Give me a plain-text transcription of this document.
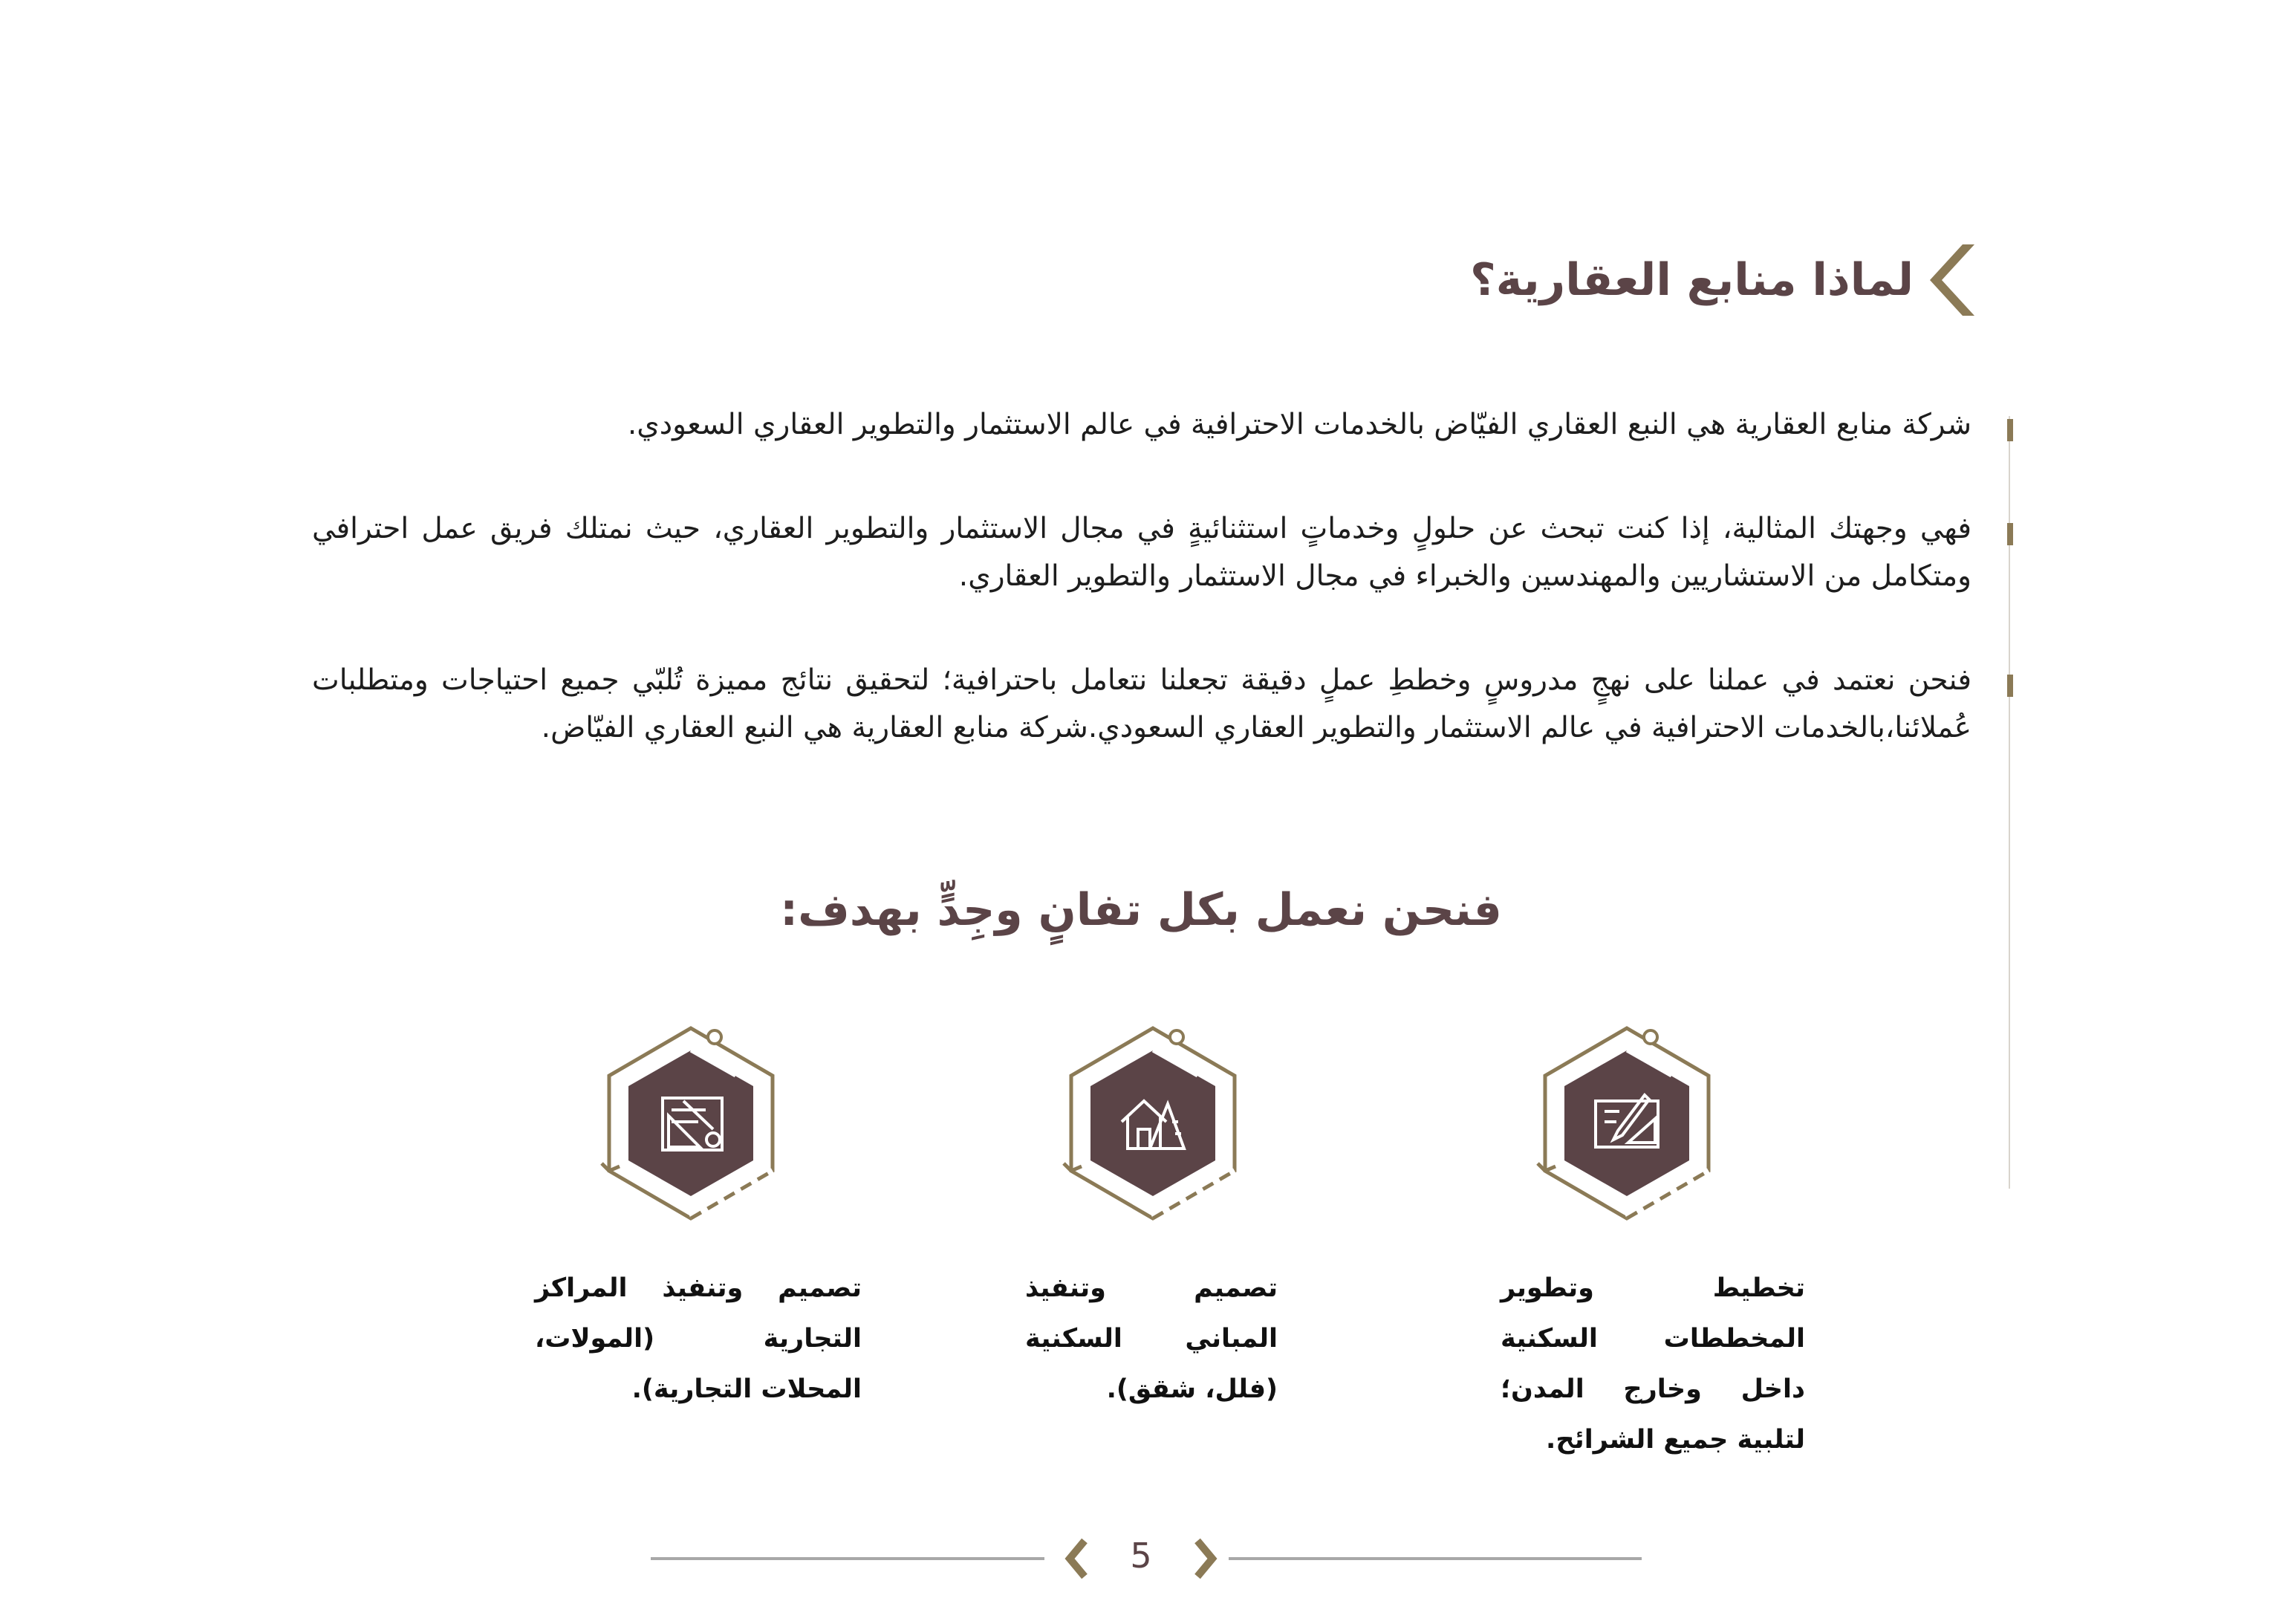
لماذا منابع العقارية؟

شركة منابع العقارية هي النبع العقاري الفيّاض بالخدمات الاحترافية في عالم الاستثمار والتطوير العقاري السعودي.

فهي وجهتك المثالية، إذا كنت تبحث عن حلولٍ وخدماتٍ استثنائيةٍ في مجال الاستثمار والتطوير العقاري، حيث نمتلك فريق عمل احترافي ومتكامل من الاستشاريين والمهندسين والخبراء في مجال الاستثمار والتطوير العقاري.

فنحن نعتمد في عملنا على نهجٍ مدروسٍ وخططِ عملٍ دقيقة تجعلنا نتعامل باحترافية؛ لتحقيق نتائج مميزة تُلبّي جميع احتياجات ومتطلبات عُملائنا،بالخدمات الاحترافية في عالم الاستثمار والتطوير العقاري السعودي.شركة منابع العقارية هي النبع العقاري الفيّاض.

فنحن نعمل بكل تفانٍ وجِدٍّ بهدف:
تخطيط وتطوير المخططات السكنية داخل وخارج المدن؛ لتلبية جميع الشرائح.
تصميم وتنفيذ المباني السكنية (فلل، شقق).
تصميم وتنفيذ المراكز التجارية (المولات، المحلات التجارية).
5
